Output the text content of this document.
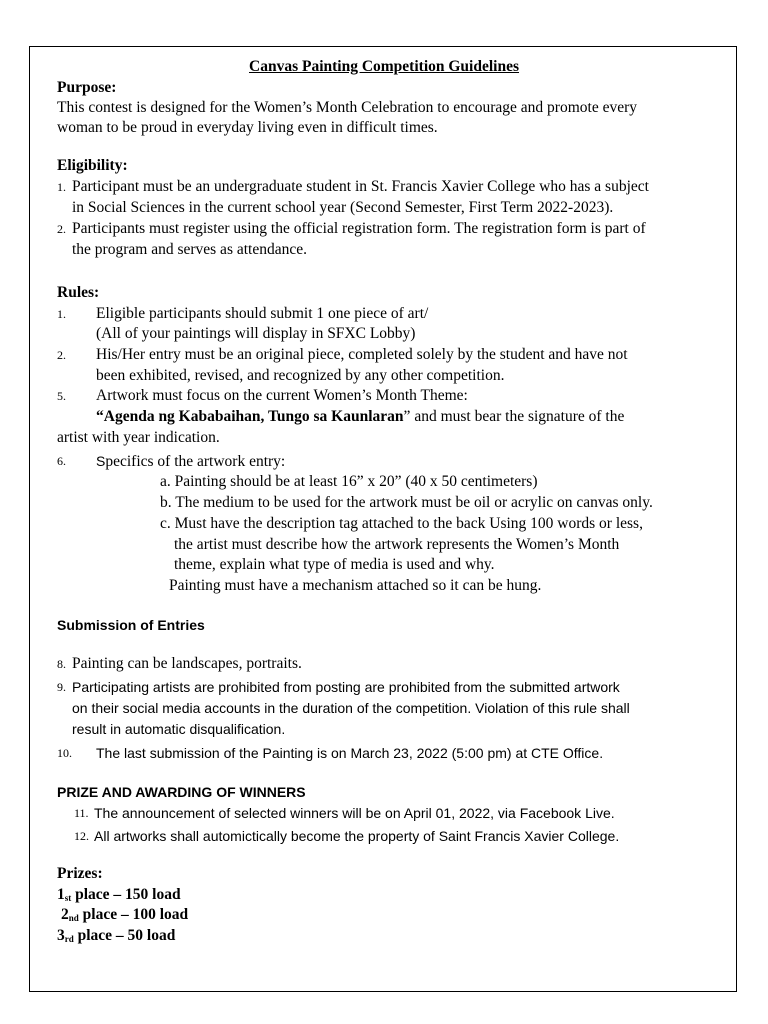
Canvas Painting Competition Guidelines
Purpose:
This contest is designed for the Women’s Month Celebration to encourage and promote every
woman to be proud in everyday living even in difficult times.
Eligibility:
1. Participant must be an undergraduate student in St. Francis Xavier College who has a subject
in Social Sciences in the current school year (Second Semester, First Term 2022-2023).
2. Participants must register using the official registration form. The registration form is part of
the program and serves as attendance.
Rules:
1. Eligible participants should submit 1 one piece of art/
(All of your paintings will display in SFXC Lobby)
2. His/Her entry must be an original piece, completed solely by the student and have not
been exhibited, revised, and recognized by any other competition.
5. Artwork must focus on the current Women’s Month Theme:
“Agenda ng Kababaihan, Tungo sa Kaunlaran” and must bear the signature of the
artist with year indication.
6. Specifics of the artwork entry:
a. Painting should be at least 16” x 20” (40 x 50 centimeters)
b. The medium to be used for the artwork must be oil or acrylic on canvas only.
c. Must have the description tag attached to the back Using 100 words or less,
the artist must describe how the artwork represents the Women’s Month
theme, explain what type of media is used and why.
Painting must have a mechanism attached so it can be hung.
Submission of Entries
8. Painting can be landscapes, portraits.
9. Participating artists are prohibited from posting are prohibited from the submitted artwork
on their social media accounts in the duration of the competition. Violation of this rule shall
result in automatic disqualification.
10. The last submission of the Painting is on March 23, 2022 (5:00 pm) at CTE Office.
PRIZE AND AWARDING OF WINNERS
11. The announcement of selected winners will be on April 01, 2022, via Facebook Live.
12. All artworks shall automictically become the property of Saint Francis Xavier College.
Prizes:
$1_{st}$ place – 150 load
$2_{nd}$ place – 100 load
$3_{rd}$ place – 50 load
